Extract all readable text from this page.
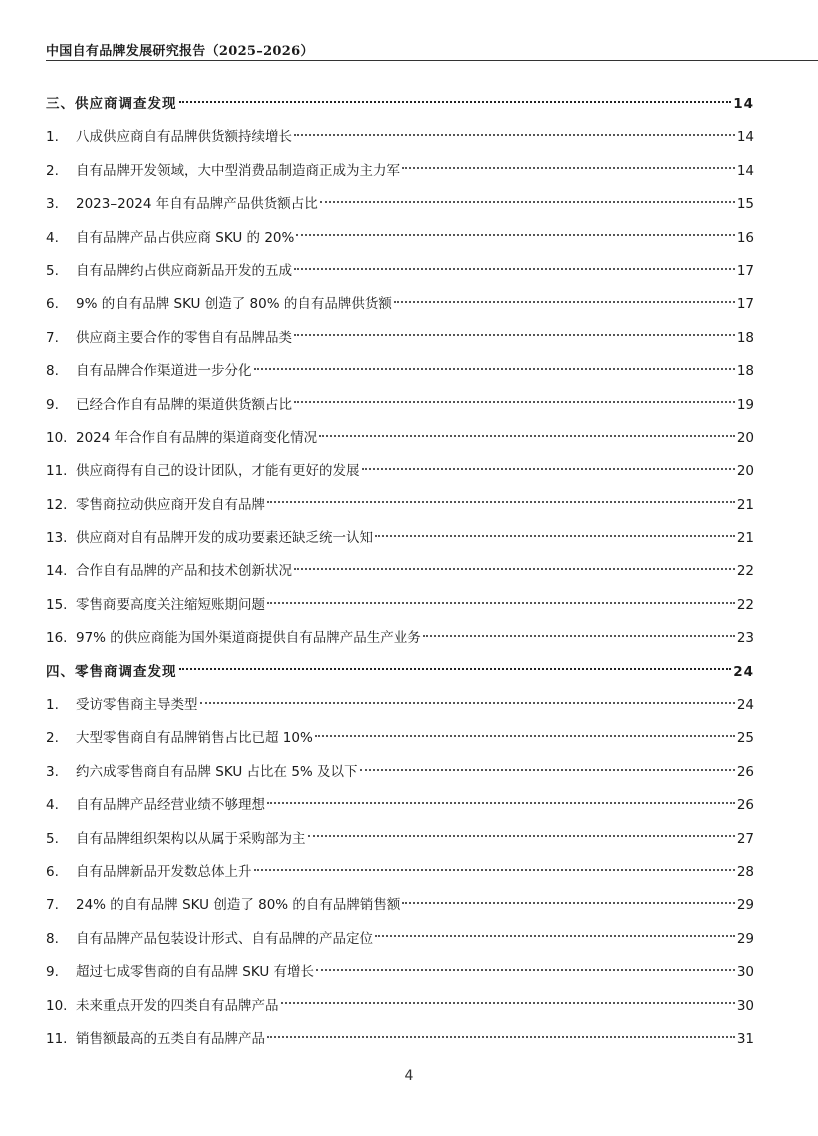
中国自有品牌发展研究报告（2025–2026）
三、 供应商调查发现	14
1.	八成供应商自有品牌供货额持续增长	14
2.	自有品牌开发领域，大中型消费品制造商正成为主力军	14
3.	2023–2024 年自有品牌产品供货额占比	15
4.	自有品牌产品占供应商 SKU 的 20%	16
5.	自有品牌约占供应商新品开发的五成	17
6.	9% 的自有品牌 SKU 创造了 80% 的自有品牌供货额	17
7.	供应商主要合作的零售自有品牌品类	18
8.	自有品牌合作渠道进一步分化	18
9.	已经合作自有品牌的渠道供货额占比	19
10. 2024 年合作自有品牌的渠道商变化情况	20
11. 供应商得有自己的设计团队，才能有更好的发展	20
12. 零售商拉动供应商开发自有品牌	21
13. 供应商对自有品牌开发的成功要素还缺乏统一认知	21
14. 合作自有品牌的产品和技术创新状况	22
15. 零售商要高度关注缩短账期问题	22
16. 97% 的供应商能为国外渠道商提供自有品牌产品生产业务	23
四、 零售商调查发现	24
1.	受访零售商主导类型	24
2.	大型零售商自有品牌销售占比已超 10%	25
3.	约六成零售商自有品牌 SKU 占比在 5% 及以下	26
4.	自有品牌产品经营业绩不够理想	26
5.	自有品牌组织架构以从属于采购部为主	27
6.	自有品牌新品开发数总体上升	28
7.	24% 的自有品牌 SKU 创造了 80% 的自有品牌销售额	29
8.	自有品牌产品包装设计形式、自有品牌的产品定位	29
9.	超过七成零售商的自有品牌 SKU 有增长	30
10. 未来重点开发的四类自有品牌产品	30
11. 销售额最高的五类自有品牌产品	31
4
